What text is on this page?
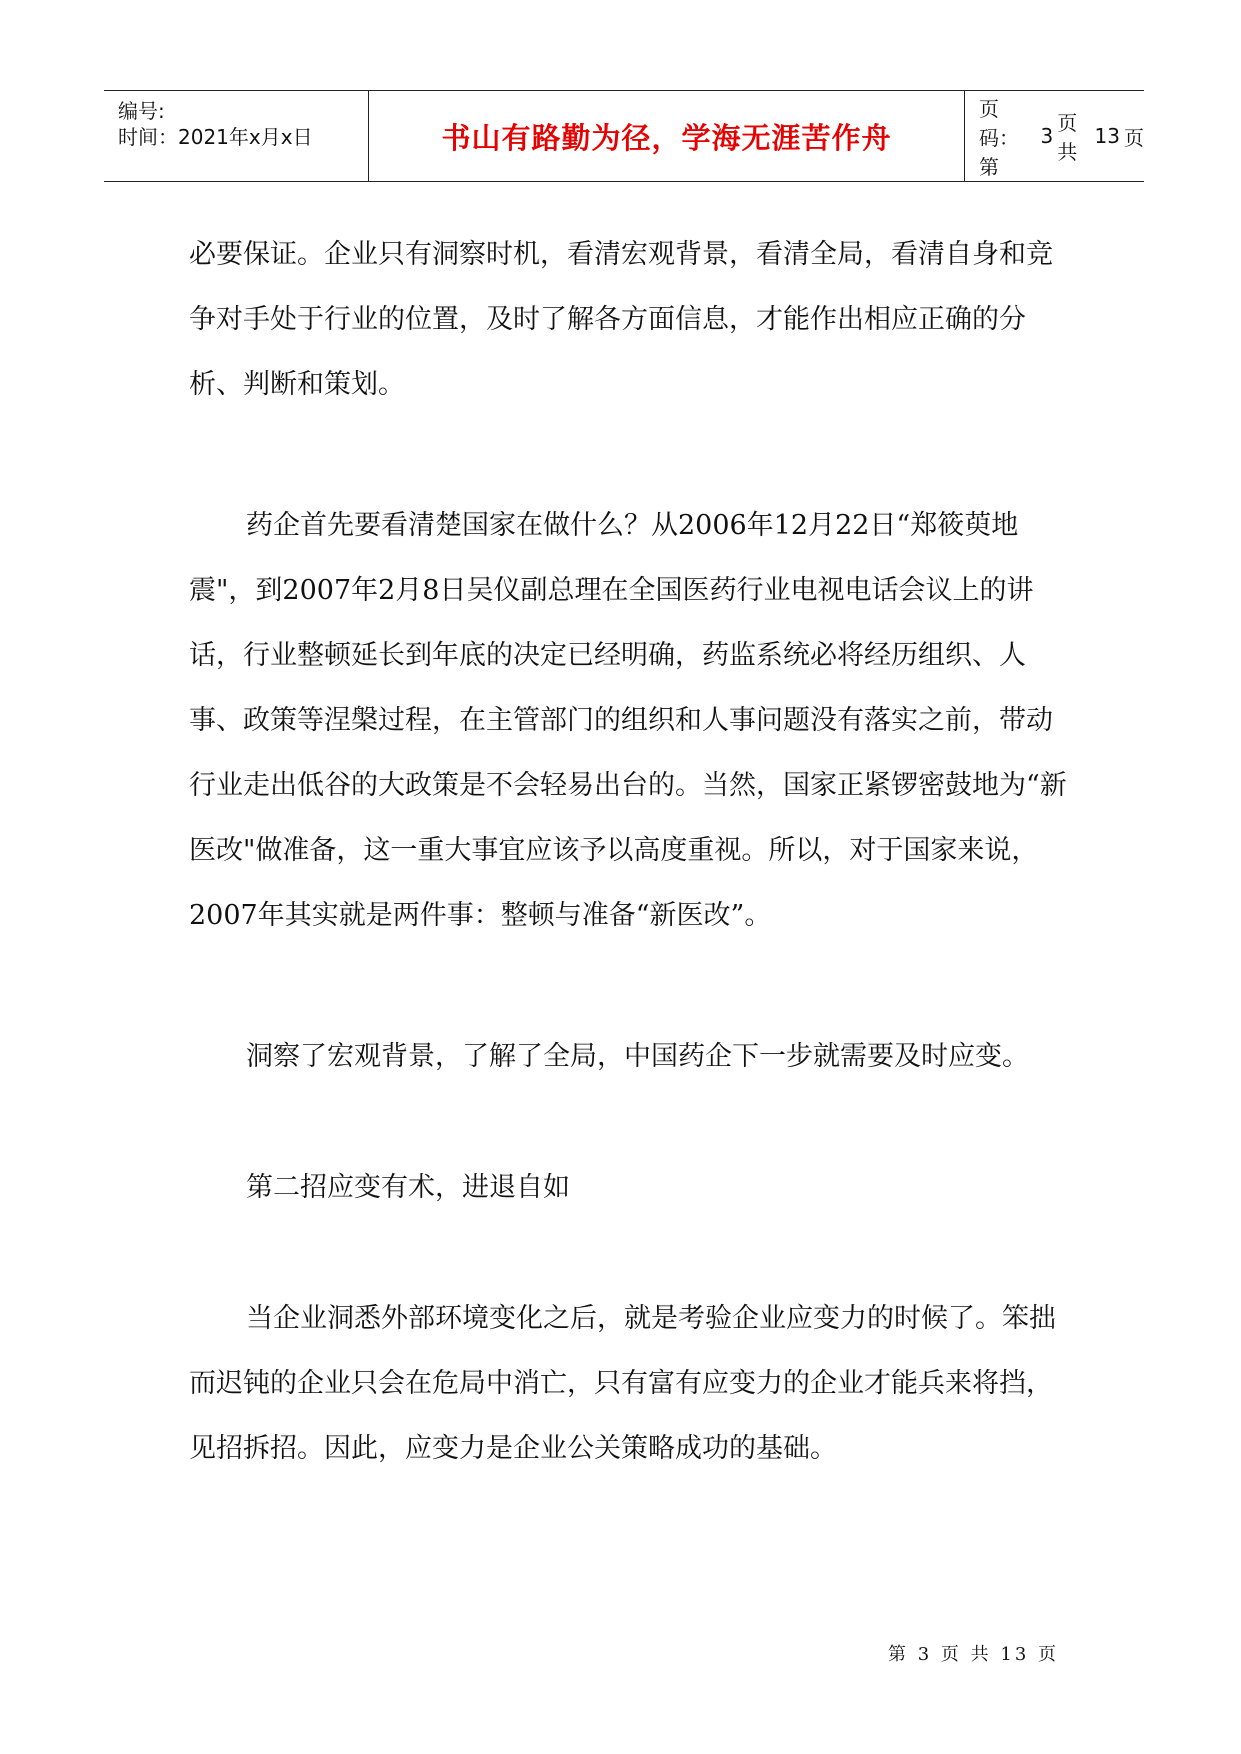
编号:
时间：2021年x月x日	书山有路勤为径，学海无涯苦作舟
页码：第
3
页 共
13 页

必要保证。企业只有洞察时机，看清宏观背景，看清全局，看清自身和竞争对手处于行业的位置，及时了解各方面信息，才能作出相应正确的分析、判断和策划。

药企首先要看清楚国家在做什么？从2006年12月22日“郑筱萸地震"，到2007年2月8日吴仪副总理在全国医药行业电视电话会议上的讲话，行业整顿延长到年底的决定已经明确，药监系统必将经历组织、人事、政策等涅槃过程，在主管部门的组织和人事问题没有落实之前，带动行业走出低谷的大政策是不会轻易出台的。当然，国家正紧锣密鼓地为“新医改"做准备，这一重大事宜应该予以高度重视。所以，对于国家来说，2007年其实就是两件事：整顿与准备“新医改”。

洞察了宏观背景，了解了全局，中国药企下一步就需要及时应变。

第二招应变有术，进退自如

当企业洞悉外部环境变化之后，就是考验企业应变力的时候了。笨拙而迟钝的企业只会在危局中消亡，只有富有应变力的企业才能兵来将挡，见招拆招。因此，应变力是企业公关策略成功的基础。

第 3 页 共 13 页
